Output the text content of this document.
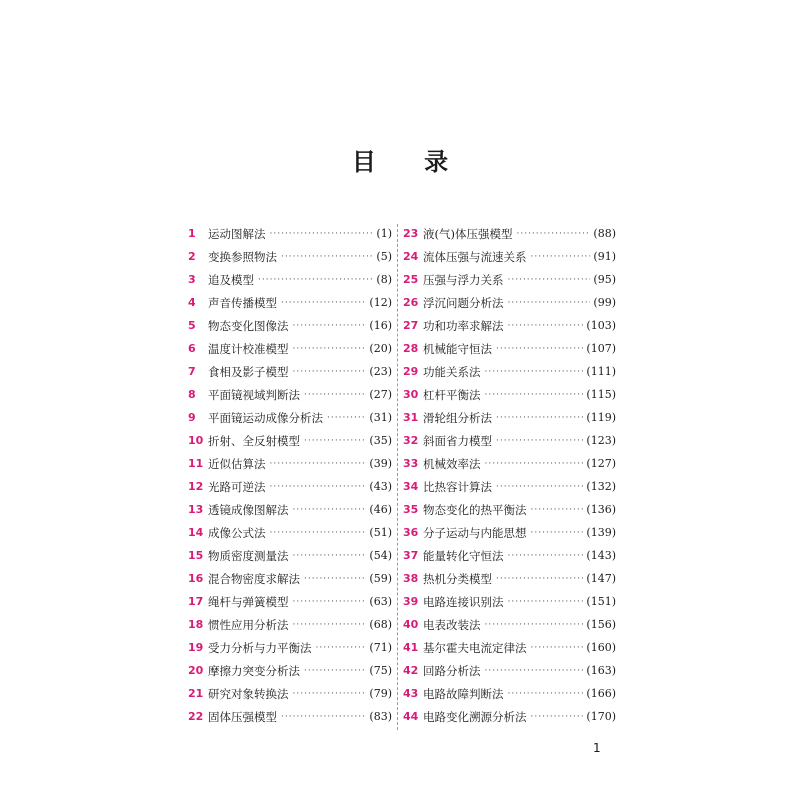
目 录
1	运动图解法 ·····	(1)
2	变换参照物法 ·····	(5)
3	追及模型 ·····	(8)
4	声音传播模型 ·····	(12)
5	物态变化图像法 ·····	(16)
6	温度计校准模型 ·····	(20)
7	食相及影子模型 ·····	(23)
8	平面镜视域判断法 ·····	(27)
9	平面镜运动成像分析法 ·····	(31)
10 折射、全反射模型 ·····	(35)
11 近似估算法 ·····	(39)
12 光路可逆法 ·····	(43)
13 透镜成像图解法 ·····	(46)
14 成像公式法 ·····	(51)
15 物质密度测量法 ·····	(54)
16 混合物密度求解法 ·····	(59)
17 绳杆与弹簧模型 ·····	(63)
18 惯性应用分析法 ·····	(68)
19 受力分析与力平衡法 ·····	(71)
20 摩擦力突变分析法 ·····	(75)
21 研究对象转换法 ·····	(79)
22 固体压强模型 ·····	(83)
23 液(气)体压强模型 ·····	(88)
24 流体压强与流速关系 ·····	(91)
25 压强与浮力关系 ·····	(95)
26 浮沉问题分析法 ·····	(99)
27 功和功率求解法 ·····	(103)
28 机械能守恒法 ·····	(107)
29 功能关系法 ·····	(111)
30 杠杆平衡法 ·····	(115)
31 滑轮组分析法 ·····	(119)
32 斜面省力模型 ·····	(123)
33 机械效率法 ·····	(127)
34 比热容计算法 ·····	(132)
35 物态变化的热平衡法 ·····	(136)
36 分子运动与内能思想 ·····	(139)
37 能量转化守恒法 ·····	(143)
38 热机分类模型 ·····	(147)
39 电路连接识别法 ·····	(151)
40 电表改装法 ·····	(156)
41 基尔霍夫电流定律法 ·····	(160)
42 回路分析法 ·····	(163)
43 电路故障判断法 ·····	(166)
44 电路变化溯源分析法 ·····	(170)
1
